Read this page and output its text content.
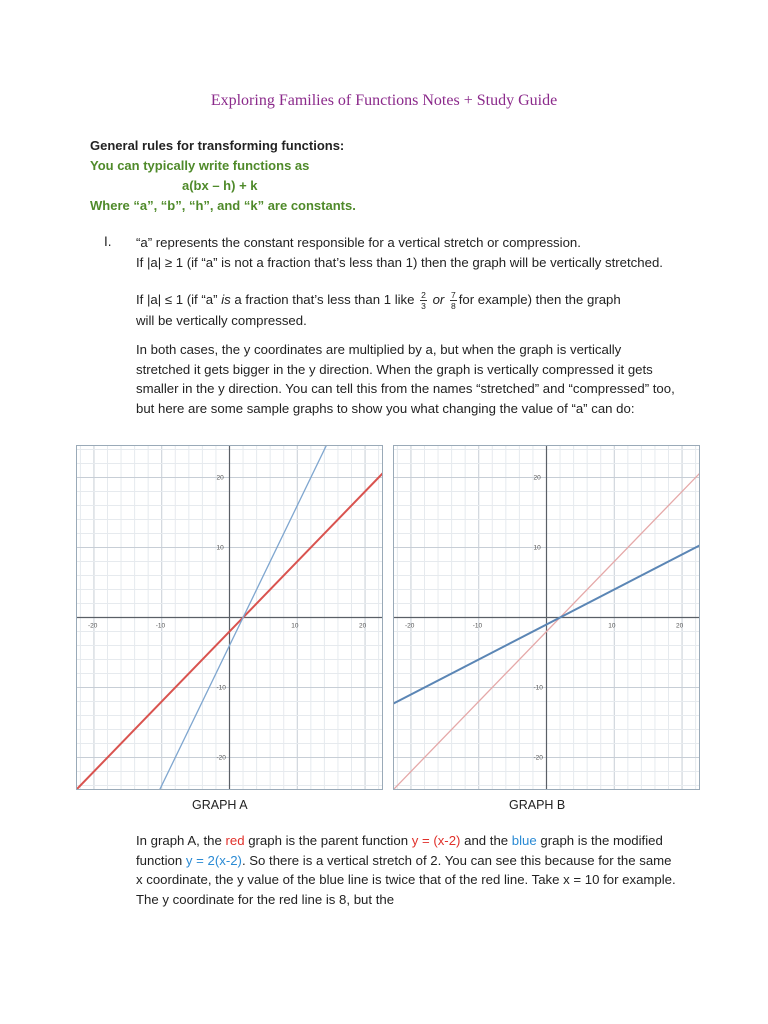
Exploring Families of Functions Notes + Study Guide
General rules for transforming functions:
You can typically write functions as
a(bx – h) + k
Where “a”, “b”, “h”, and “k” are constants.
I. “a” represents the constant responsible for a vertical stretch or compression.
If |a| ≥ 1 (if “a” is not a fraction that’s less than 1) then the graph will be vertically stretched.
If |a| ≤ 1 (if “a” is a fraction that’s less than 1 like $\frac{2}{3}$ or $\frac{7}{8}$ for example) then the graph
will be vertically compressed.
In both cases, the y coordinates are multiplied by a, but when the graph is vertically stretched it gets bigger in the y direction. When the graph is vertically compressed it gets smaller in the y direction. You can tell this from the names “stretched” and “compressed” too, but here are some sample graphs to show you what changing the value of “a” can do:
-20	-10	10	20
20
10
-10
-20
-20	-10	10	20
20
10
-10
-20
GRAPH A	GRAPH B
In graph A, the red graph is the parent function y = (x-2) and the blue graph is the modified function y = 2(x-2). So there is a vertical stretch of 2. You can see this because for the same x coordinate, the y value of the blue line is twice that of the red line. Take x = 10 for example. The y coordinate for the red line is 8, but the
